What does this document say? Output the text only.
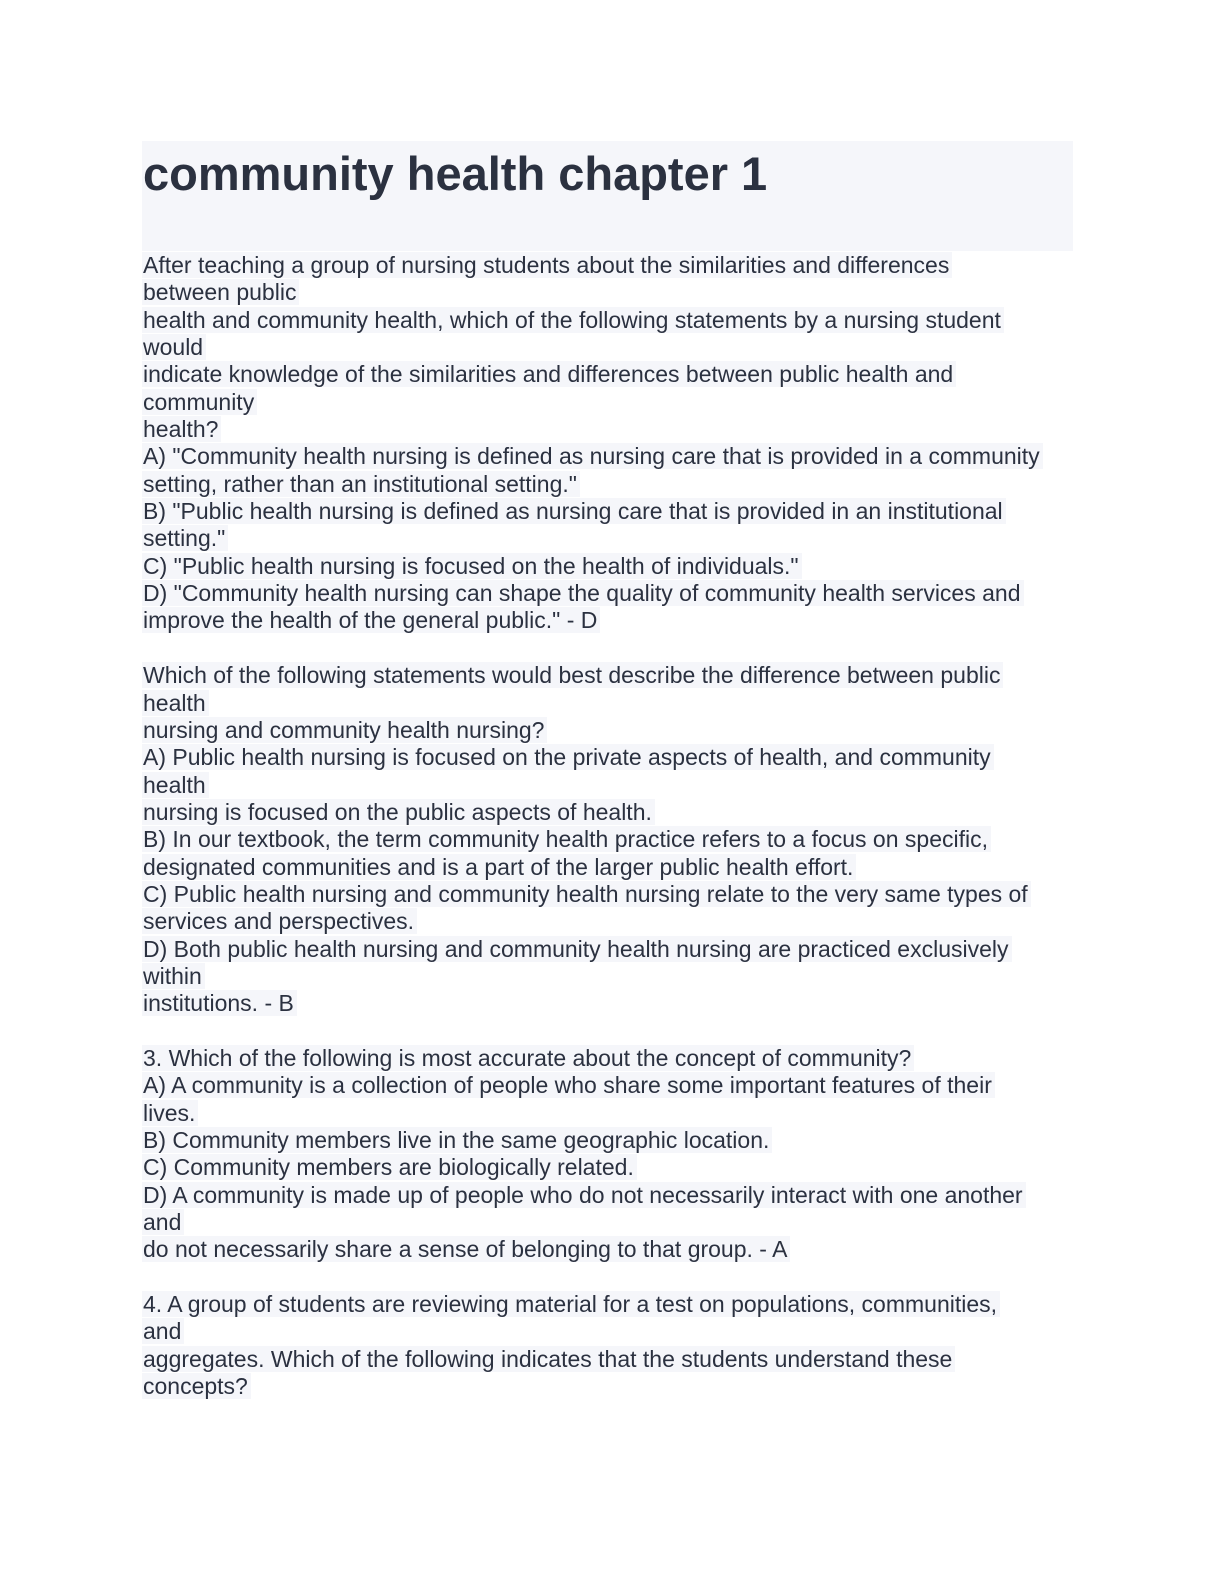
community health chapter 1
After teaching a group of nursing students about the similarities and differences
between public
health and community health, which of the following statements by a nursing student
would
indicate knowledge of the similarities and differences between public health and
community
health?
A) "Community health nursing is defined as nursing care that is provided in a community
setting, rather than an institutional setting."
B) "Public health nursing is defined as nursing care that is provided in an institutional
setting."
C) "Public health nursing is focused on the health of individuals."
D) "Community health nursing can shape the quality of community health services and
improve the health of the general public." - D
Which of the following statements would best describe the difference between public
health
nursing and community health nursing?
A) Public health nursing is focused on the private aspects of health, and community
health
nursing is focused on the public aspects of health.
B) In our textbook, the term community health practice refers to a focus on specific,
designated communities and is a part of the larger public health effort.
C) Public health nursing and community health nursing relate to the very same types of
services and perspectives.
D) Both public health nursing and community health nursing are practiced exclusively
within
institutions. - B
3. Which of the following is most accurate about the concept of community?
A) A community is a collection of people who share some important features of their
lives.
B) Community members live in the same geographic location.
C) Community members are biologically related.
D) A community is made up of people who do not necessarily interact with one another
and
do not necessarily share a sense of belonging to that group. - A
4. A group of students are reviewing material for a test on populations, communities,
and
aggregates. Which of the following indicates that the students understand these
concepts?
